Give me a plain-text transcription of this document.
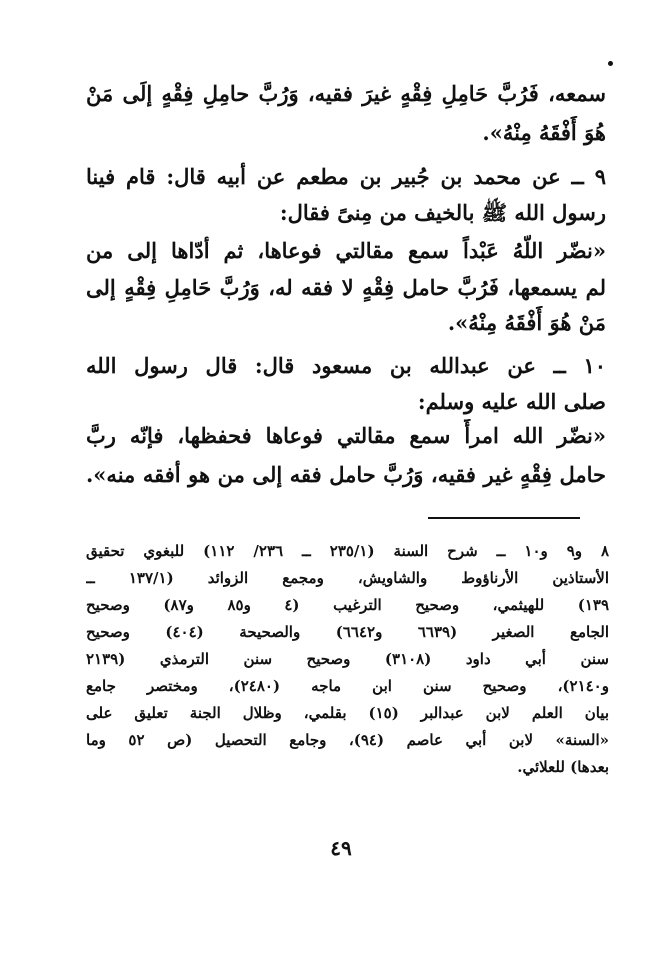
سمعه، فَرُبَّ حَامِلِ فِقْهٍ غيرَ فقيه، وَرُبَّ حامِلِ فِقْهٍ إلَى مَنْ
هُوَ أَفْقَهُ مِنْهُ».
٩ ــ عن محمد بن جُبير بن مطعم عن أبيه قال: قام فينا
رسول الله ﷺ بالخيف من مِنىً فقال:
«نضّر اللّهُ عَبْداً سمع مقالتي فوعاها، ثم أدّاها إلى من
لم يسمعها، فَرُبَّ حامل فِقْهٍ لا فقه له، وَرُبَّ حَامِلِ فِقْهٍ إلى
مَنْ هُوَ أَفْقَهُ مِنْهُ».
١٠ ــ عن عبدالله بن مسعود قال: قال رسول الله
صلى الله عليه وسلم:
«نضّر الله امرأً سمع مقالتي فوعاها فحفظها، فإنّه ربَّ
حامل فِقْهٍ غير فقيه، وَرُبَّ حامل فقه إلى من هو أفقه منه».
٨ و٩ و١٠ ــ شرح السنة (٢٣٥/١ ــ ٢٣٦/ ١١٢) للبغوي تحقيق
الأستاذين الأرناؤوط والشاويش، ومجمع الزوائد (١٣٧/١ ــ
١٣٩) للهيثمي، وصحيح الترغيب (٤ و٨٥ و٨٧) وصحيح
الجامع الصغير (٦٦٣٩ و٦٦٤٢) والصحيحة (٤٠٤) وصحيح
سنن أبي داود (٣١٠٨) وصحيح سنن الترمذي (٢١٣٩
و٢١٤٠)، وصحيح سنن ابن ماجه (٢٤٨٠)، ومختصر جامع
بيان العلم لابن عبدالبر (١٥) بقلمي، وظلال الجنة تعليق على
«السنة» لابن أبي عاصم (٩٤)، وجامع التحصيل (ص ٥٢ وما
بعدها) للعلائي.
٤٩
